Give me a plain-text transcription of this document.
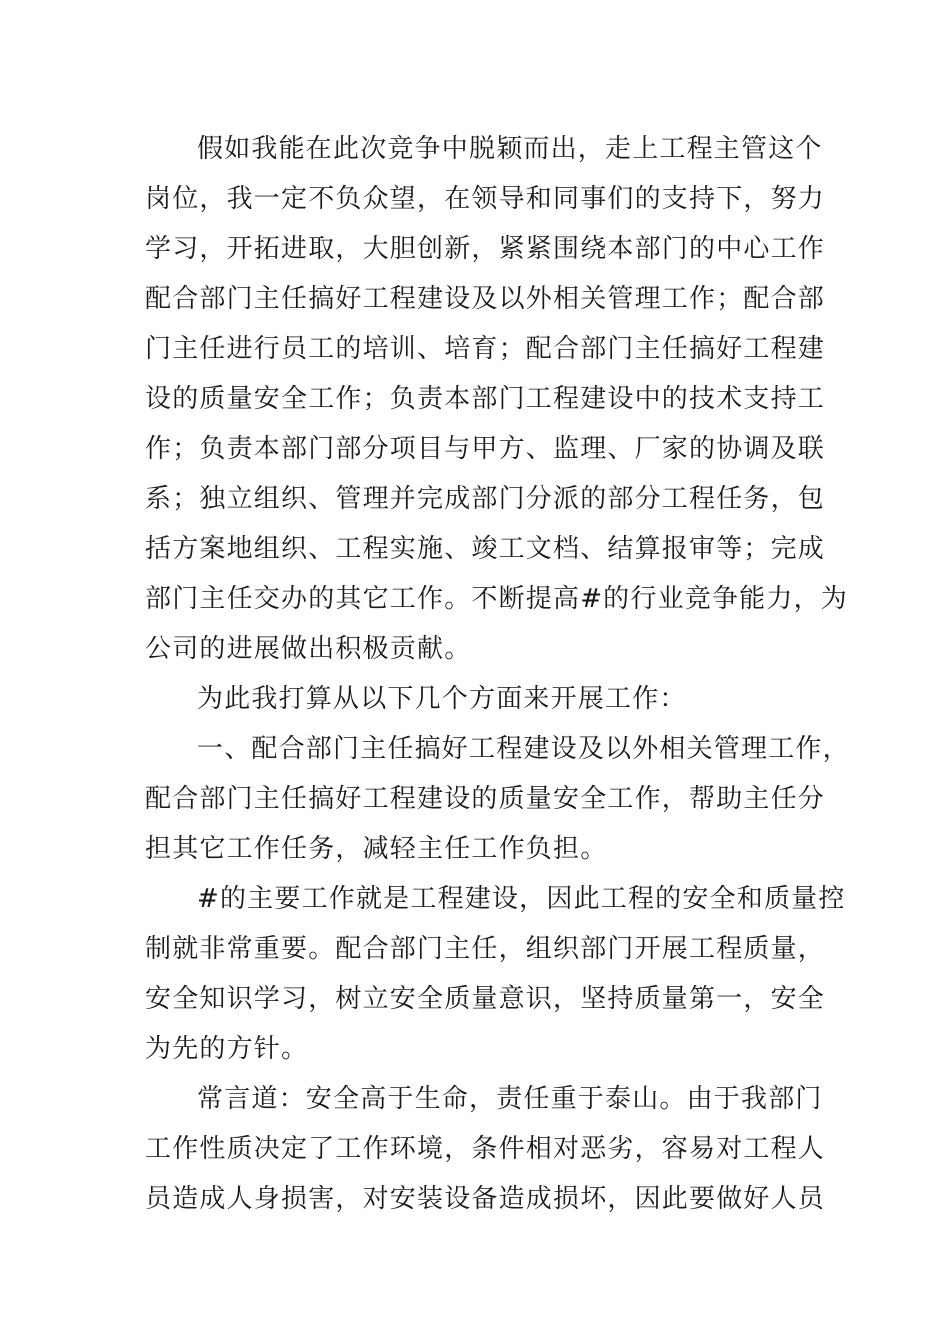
假如我能在此次竞争中脱颖而出，走上工程主管这个
岗位，我一定不负众望，在领导和同事们的支持下，努力
学习，开拓进取，大胆创新，紧紧围绕本部门的中心工作
配合部门主任搞好工程建设及以外相关管理工作；配合部
门主任进行员工的培训、培育；配合部门主任搞好工程建
设的质量安全工作；负责本部门工程建设中的技术支持工
作；负责本部门部分项目与甲方、监理、厂家的协调及联
系；独立组织、管理并完成部门分派的部分工程任务，包
括方案地组织、工程实施、竣工文档、结算报审等；完成
部门主任交办的其它工作。不断提高#的行业竞争能力，为
公司的进展做出积极贡献。
为此我打算从以下几个方面来开展工作：
一、配合部门主任搞好工程建设及以外相关管理工作，
配合部门主任搞好工程建设的质量安全工作，帮助主任分
担其它工作任务，减轻主任工作负担。
#的主要工作就是工程建设，因此工程的安全和质量控
制就非常重要。配合部门主任，组织部门开展工程质量，
安全知识学习，树立安全质量意识，坚持质量第一，安全
为先的方针。
常言道：安全高于生命，责任重于泰山。由于我部门
工作性质决定了工作环境，条件相对恶劣，容易对工程人
员造成人身损害，对安装设备造成损坏，因此要做好人员
